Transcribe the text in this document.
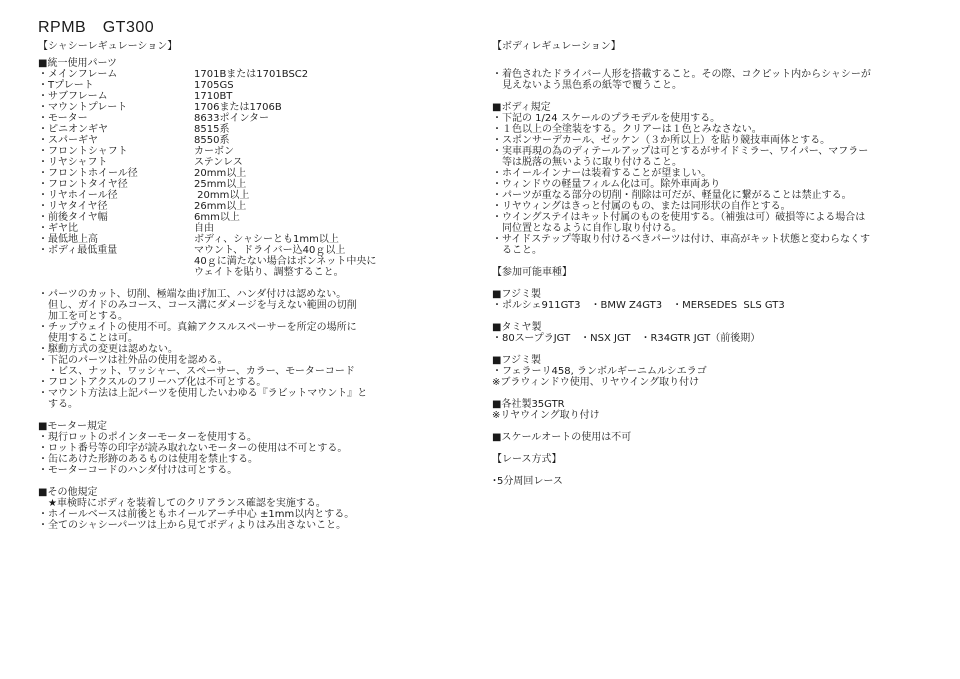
RPMB　GT300
【シャシーレギュレーション】
■統一使用パーツ
・メインフレーム	1701Bまたは1701BSC2
・Tプレート	1705GS
・サブフレーム	1710BT
・マウントプレート	1706または1706B
・モーター	8633ポインター
・ピニオンギヤ	8515系
・スパーギヤ	8550系
・フロントシャフト	カーボン
・リヤシャフト	ステンレス
・フロントホイール径	20mm以上
・フロントタイヤ径	25mm以上
・リヤホイール径	20mm以上
・リヤタイヤ径	26mm以上
・前後タイヤ幅	6mm以上
・ギヤ比	自由
・最低地上高	ボディ、シャシーとも1mm以上
・ボディ最低重量	マウント、ドライバー込40ｇ以上
40ｇに満たない場合はボンネット中央に
ウェイトを貼り、調整すること。
・パーツのカット、切削、極端な曲げ加工、ハンダ付けは認めない。
　但し、ガイドのみコース、コース溝にダメージを与えない範囲の切削
　加工を可とする。
・チップウェイトの使用不可。真鍮アクスルスペーサーを所定の場所に
　使用することは可。
・駆動方式の変更は認めない。
・下記のパーツは社外品の使用を認める。
　・ビス、ナット、ワッシャー、スペーサー、カラー、モーターコード
・フロントアクスルのフリーハブ化は不可とする。
・マウント方法は上記パーツを使用したいわゆる『ラビットマウント』と
　する。
■モーター規定
・現行ロットのポインターモーターを使用する。
・ロット番号等の印字が読み取れないモーターの使用は不可とする。
・缶にあけた形跡のあるものは使用を禁止する。
・モーターコードのハンダ付けは可とする。
■その他規定
　★車検時にボディを装着してのクリアランス確認を実施する。
・ホイールベースは前後ともホイールアーチ中心 ±1mm以内とする。
・全てのシャシーパーツは上から見てボディよりはみ出さないこと。
【ボディレギュレーション】
・着色されたドライバー人形を搭載すること。その際、コクピット内からシャシーが
　見えないよう黒色系の紙等で覆うこと。
■ボディ規定
・下記の 1/24 スケールのプラモデルを使用する。
・１色以上の全塗装をする。クリアーは１色とみなさない。
・スポンサーデカール、ゼッケン（３か所以上）を貼り競技車両体とする。
・実車再現の為のディテールアップは可とするがサイドミラー、ワイパー、マフラー
　等は脱落の無いように取り付けること。
・ホイールインナーは装着することが望ましい。
・ウィンドウの軽量フィルム化は可。除外車両あり
・パーツが重なる部分の切削・削除は可だが、軽量化に繋がることは禁止する。
・リヤウィングはきっと付属のもの、または同形状の自作とする。
・ウイングステイはキット付属のものを使用する。（補強は可）破損等による場合は
　同位置となるように自作し取り付ける。
・サイドステップ等取り付けるべきパーツは付け、車高がキット状態と変わらなくす
　ること。
【参加可能車種】
■フジミ製
・ポルシェ911GT3　・BMW Z4GT3　・MERSEDES  SLS GT3
■タミヤ製
・80スープラJGT　・NSX JGT　・R34GTR JGT（前後期）
■フジミ製
・フェラーリ458, ランボルギーニムルシエラゴ
※ブラウィンドウ使用、リヤウイング取り付け
■各社製35GTR
※リヤウイング取り付け
■スケールオートの使用は不可
【レース方式】
･5分周回レース
